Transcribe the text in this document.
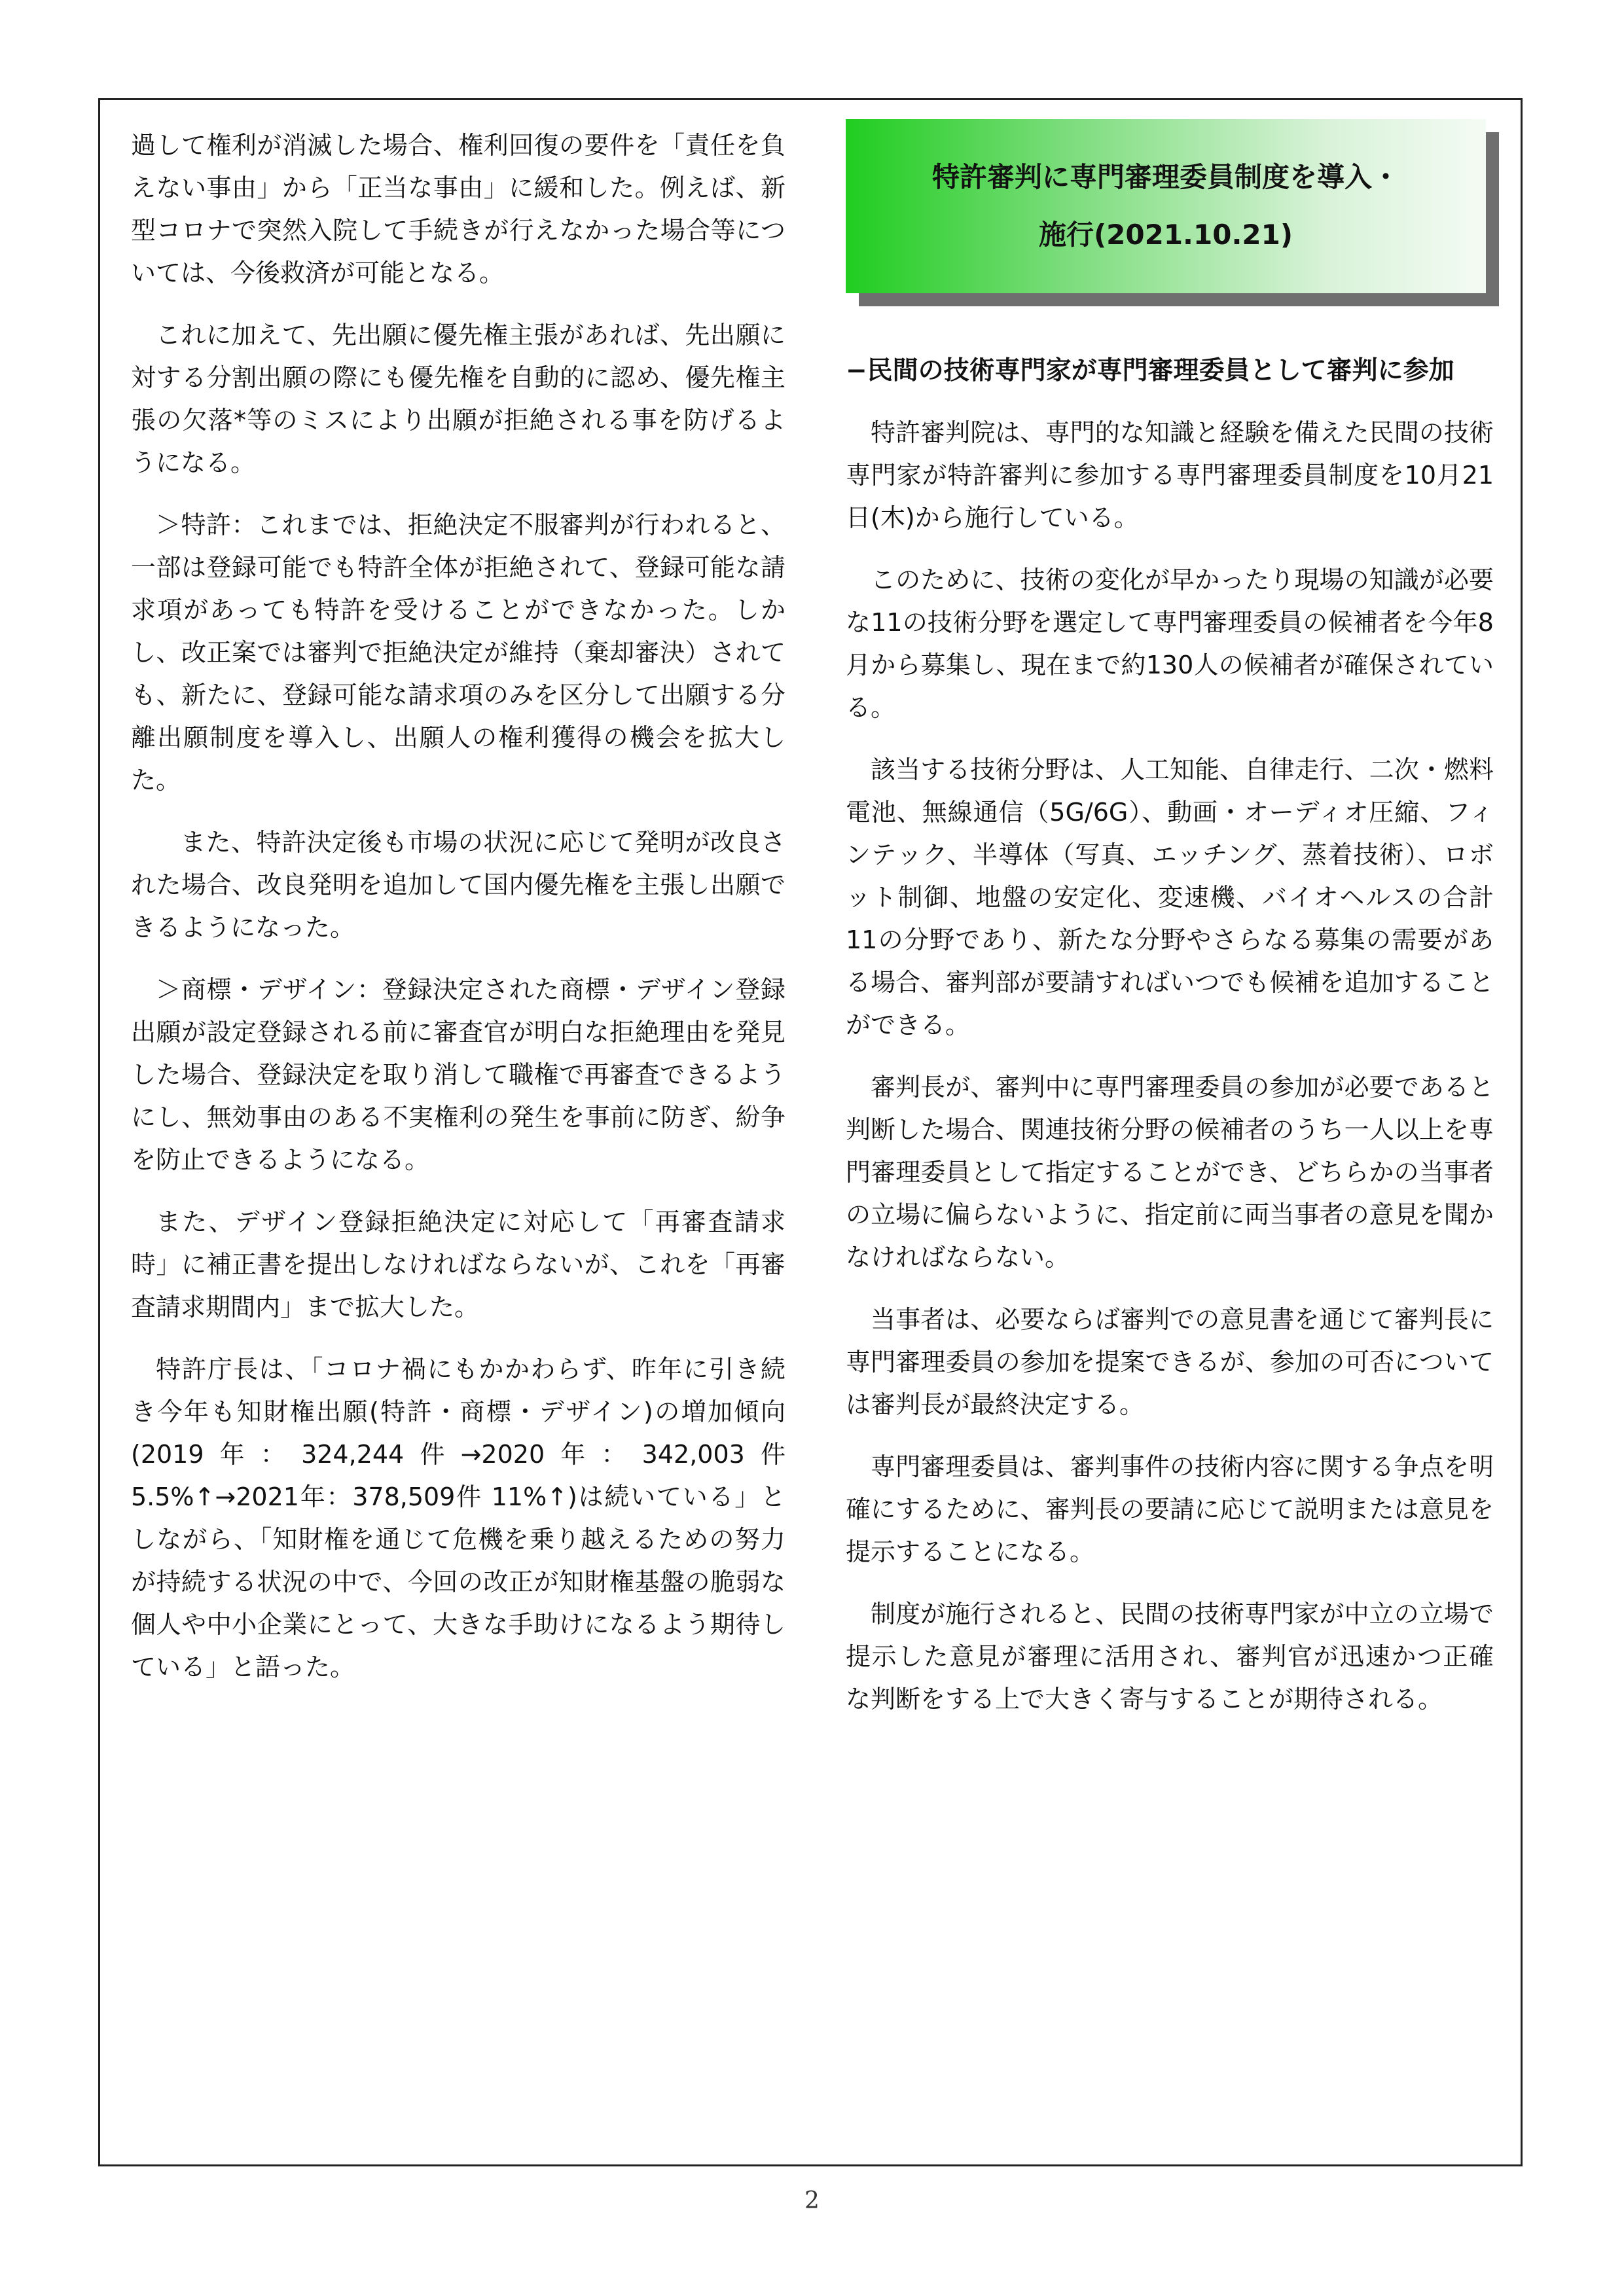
過して権利が消滅した場合、権利回復の要件を「責任を負えない事由」から「正当な事由」に緩和した。例えば、新型コロナで突然入院して手続きが行えなかった場合等については、今後救済が可能となる。

これに加えて、先出願に優先権主張があれば、先出願に対する分割出願の際にも優先権を自動的に認め、優先権主張の欠落*等のミスにより出願が拒絶される事を防げるようになる。

＞特許：これまでは、拒絶決定不服審判が行われると、一部は登録可能でも特許全体が拒絶されて、登録可能な請求項があっても特許を受けることができなかった。しかし、改正案では審判で拒絶決定が維持（棄却審決）されても、新たに、登録可能な請求項のみを区分して出願する分離出願制度を導入し、出願人の権利獲得の機会を拡大した。

また、特許決定後も市場の状況に応じて発明が改良された場合、改良発明を追加して国内優先権を主張し出願できるようになった。

＞商標・デザイン：登録決定された商標・デザイン登録出願が設定登録される前に審査官が明白な拒絶理由を発見した場合、登録決定を取り消して職権で再審査できるようにし、無効事由のある不実権利の発生を事前に防ぎ、紛争を防止できるようになる。

また、デザイン登録拒絶決定に対応して「再審査請求時」に補正書を提出しなければならないが、これを「再審査請求期間内」まで拡大した。

特許庁長は、「コロナ禍にもかかわらず、昨年に引き続き今年も知財権出願(特許・商標・デザイン)の増加傾向(2019年：324,244件→2020年：342,003件 5.5%↑→2021年：378,509件 11%↑)は続いている」としながら、「知財権を通じて危機を乗り越えるための努力が持続する状況の中で、今回の改正が知財権基盤の脆弱な個人や中小企業にとって、大きな手助けになるよう期待している」と語った。

特許審判に専門審理委員制度を導入・
施行(2021.10.21)

−民間の技術専門家が専門審理委員として審判に参加

特許審判院は、専門的な知識と経験を備えた民間の技術専門家が特許審判に参加する専門審理委員制度を10月21日(木)から施行している。

このために、技術の変化が早かったり現場の知識が必要な11の技術分野を選定して専門審理委員の候補者を今年8月から募集し、現在まで約130人の候補者が確保されている。

該当する技術分野は、人工知能、自律走行、二次・燃料電池、無線通信（5G/6G）、動画・オーディオ圧縮、フィンテック、半導体（写真、エッチング、蒸着技術）、ロボット制御、地盤の安定化、変速機、バイオヘルスの合計11の分野であり、新たな分野やさらなる募集の需要がある場合、審判部が要請すればいつでも候補を追加することができる。

審判長が、審判中に専門審理委員の参加が必要であると判断した場合、関連技術分野の候補者のうち一人以上を専門審理委員として指定することができ、どちらかの当事者の立場に偏らないように、指定前に両当事者の意見を聞かなければならない。

当事者は、必要ならば審判での意見書を通じて審判長に専門審理委員の参加を提案できるが、参加の可否については審判長が最終決定する。

専門審理委員は、審判事件の技術内容に関する争点を明確にするために、審判長の要請に応じて説明または意見を提示することになる。

制度が施行されると、民間の技術専門家が中立の立場で提示した意見が審理に活用され、審判官が迅速かつ正確な判断をする上で大きく寄与することが期待される。

2
